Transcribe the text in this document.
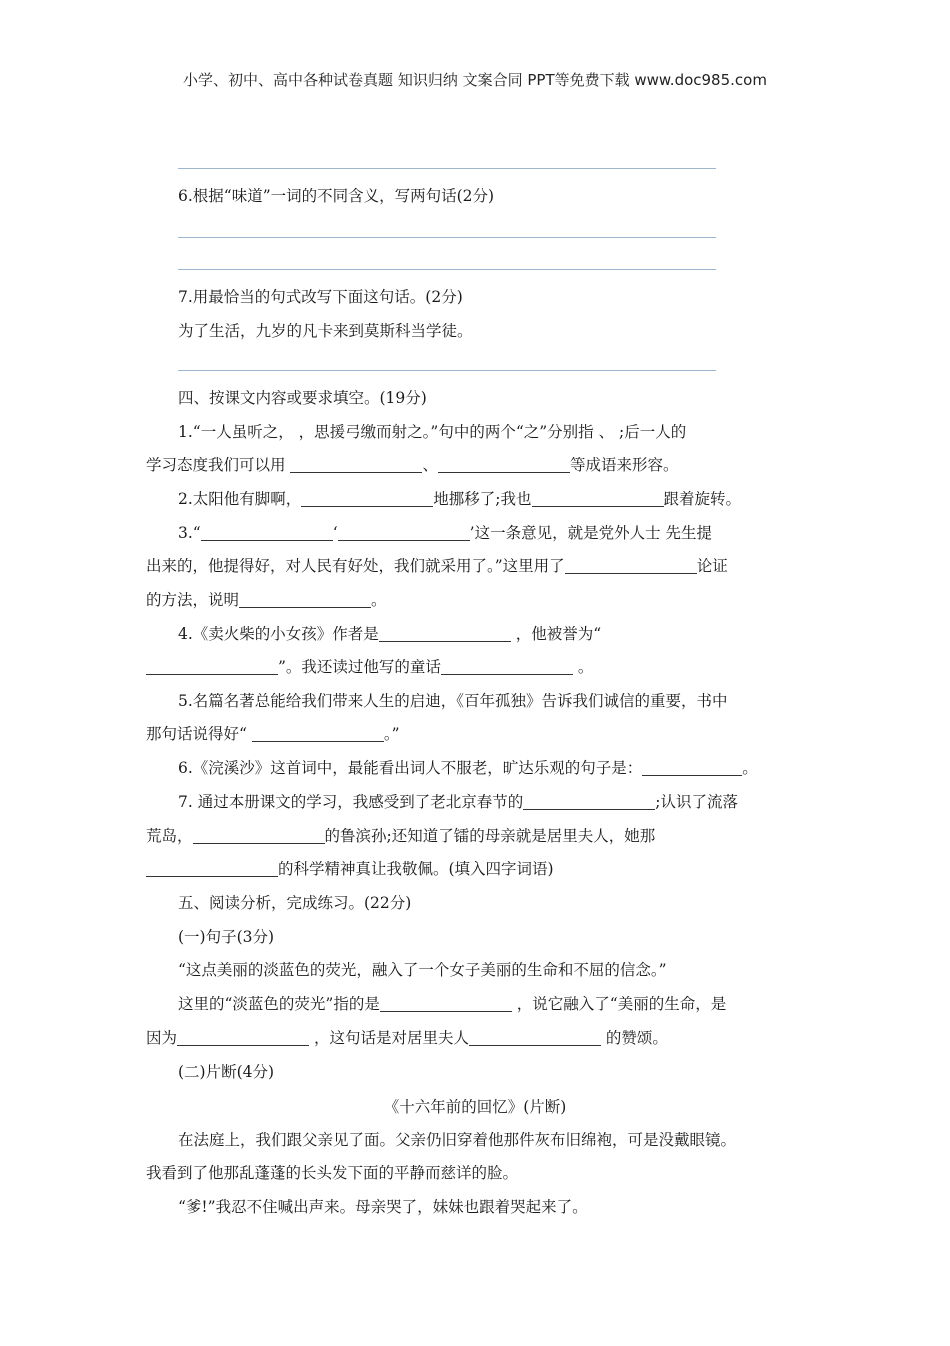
小学、初中、高中各种试卷真题 知识归纳 文案合同 PPT等免费下载 www.doc985.com
6.根据“味道”一词的不同含义，写两句话(2分)
7.用最恰当的句式改写下面这句话。(2分)
为了生活，九岁的凡卡来到莫斯科当学徒。
四、按课文内容或要求填空。(19分)
1.“一人虽听之， ，思援弓缴而射之。”句中的两个“之”分别指 、 ;后一人的
学习态度我们可以用	、	等成语来形容。
2.太阳他有脚啊，	地挪移了;我也	跟着旋转。
3.“	‘	’这一条意见，就是党外人士 先生提
出来的，他提得好，对人民有好处，我们就采用了。”这里用了	论证
的方法，说明	。
4.《卖火柴的小女孩》作者是	，他被誉为“
”。我还读过他写的童话	。
5.名篇名著总能给我们带来人生的启迪，《百年孤独》告诉我们诚信的重要，书中
那句话说得好“	。”
6.《浣溪沙》这首词中，最能看出词人不服老，旷达乐观的句子是：	。
7. 通过本册课文的学习，我感受到了老北京春节的	;认识了流落
荒岛，	的鲁滨孙;还知道了镭的母亲就是居里夫人，她那
的科学精神真让我敬佩。(填入四字词语)
五、阅读分析，完成练习。(22分)
(一)句子(3分)
“这点美丽的淡蓝色的荧光，融入了一个女子美丽的生命和不屈的信念。”
这里的“淡蓝色的荧光”指的是	，说它融入了“美丽的生命，是
因为	，这句话是对居里夫人	的赞颂。
(二)片断(4分)
《十六年前的回忆》(片断)
在法庭上，我们跟父亲见了面。父亲仍旧穿着他那件灰布旧绵袍，可是没戴眼镜。
我看到了他那乱蓬蓬的长头发下面的平静而慈详的脸。
“爹!”我忍不住喊出声来。母亲哭了，妹妹也跟着哭起来了。
